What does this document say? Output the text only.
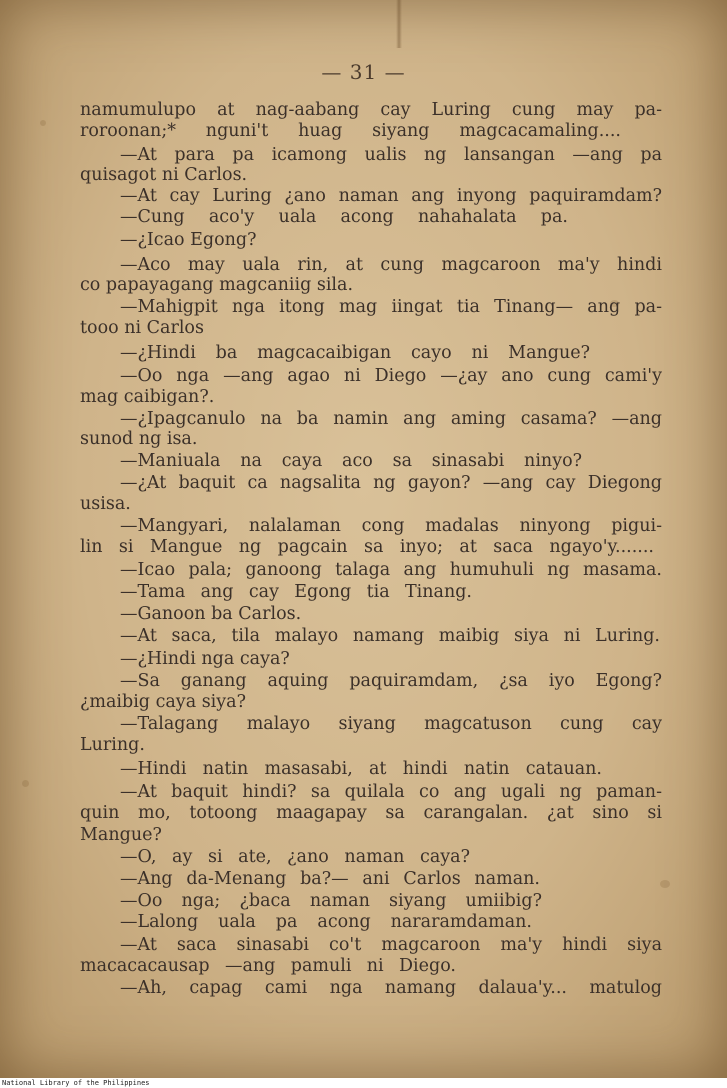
— 31 —
namumulupo at nag-aabang cay Luring cung may pa-
roroonan;* nguni't huag siyang magcacamaling....
—At para pa icamong ualis ng lansangan —ang pa
quisagot ni Carlos.
—At cay Luring ¿ano naman ang inyong paquiramdam?
—Cung aco'y uala acong nahahalata pa.
—¿Icao Egong?
—Aco may uala rin, at cung magcaroon ma'y hindi
co papayagang magcaniig sila.
—Mahigpit nga itong mag iingat tia Tinang— ang pa-
tooo ni Carlos
—¿Hindi ba magcacaibigan cayo ni Mangue?
—Oo nga —ang agao ni Diego —¿ay ano cung cami'y
mag caibigan?.
—¿Ipagcanulo na ba namin ang aming casama? —ang
sunod ng isa.
—Maniuala na caya aco sa sinasabi ninyo?
—¿At baquit ca nagsalita ng gayon? —ang cay Diegong
usisa.
—Mangyari, nalalaman cong madalas ninyong pigui-
lin si Mangue ng pagcain sa inyo; at saca ngayo'y.......
—Icao pala; ganoong talaga ang humuhuli ng masama.
—Tama ang cay Egong tia Tinang.
—Ganoon ba Carlos.
—At saca, tila malayo namang maibig siya ni Luring.
—¿Hindi nga caya?
—Sa ganang aquing paquiramdam, ¿sa iyo Egong?
¿maibig caya siya?
—Talagang malayo siyang magcatuson cung cay
Luring.
—Hindi natin masasabi, at hindi natin catauan.
—At baquit hindi? sa quilala co ang ugali ng paman-
quin mo, totoong maagapay sa carangalan. ¿at sino si
Mangue?
—O, ay si ate, ¿ano naman caya?
—Ang da-Menang ba?— ani Carlos naman.
—Oo nga; ¿baca naman siyang umiibig?
—Lalong uala pa acong nararamdaman.
—At saca sinasabi co't magcaroon ma'y hindi siya
macacacausap —ang pamuli ni Diego.
—Ah, capag cami nga namang dalaua'y... matulog
National Library of the Philippines
